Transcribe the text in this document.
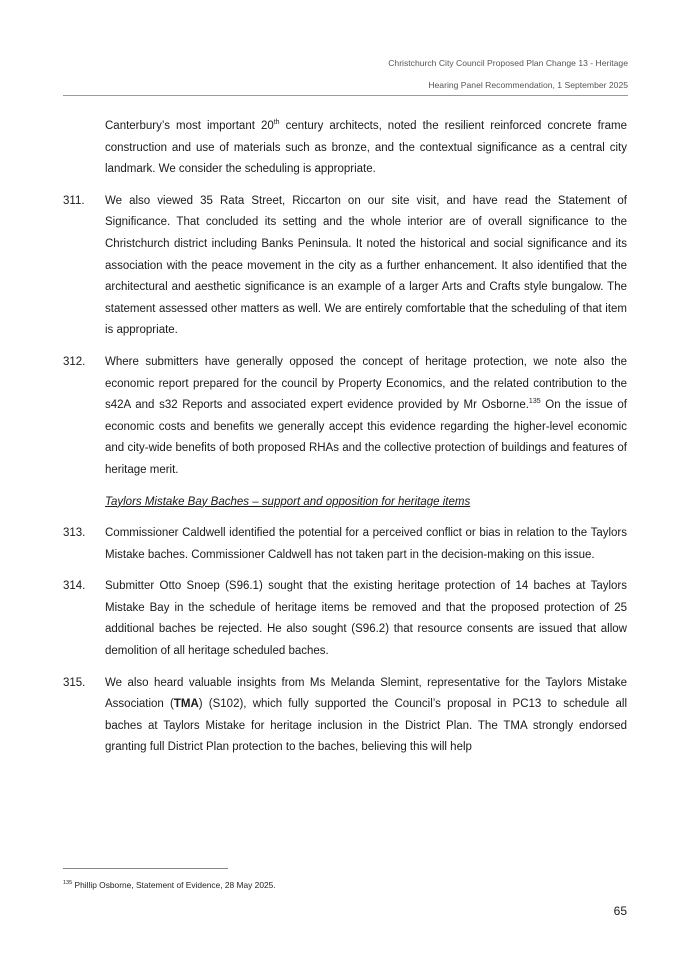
Christchurch City Council Proposed Plan Change 13 - Heritage
Hearing Panel Recommendation, 1 September 2025
Canterbury’s most important 20th century architects, noted the resilient reinforced concrete frame construction and use of materials such as bronze, and the contextual significance as a central city landmark. We consider the scheduling is appropriate.
311.	We also viewed 35 Rata Street, Riccarton on our site visit, and have read the Statement of Significance. That concluded its setting and the whole interior are of overall significance to the Christchurch district including Banks Peninsula. It noted the historical and social significance and its association with the peace movement in the city as a further enhancement. It also identified that the architectural and aesthetic significance is an example of a larger Arts and Crafts style bungalow. The statement assessed other matters as well. We are entirely comfortable that the scheduling of that item is appropriate.
312.	Where submitters have generally opposed the concept of heritage protection, we note also the economic report prepared for the council by Property Economics, and the related contribution to the s42A and s32 Reports and associated expert evidence provided by Mr Osborne.$^{135}$ On the issue of economic costs and benefits we generally accept this evidence regarding the higher-level economic and city-wide benefits of both proposed RHAs and the collective protection of buildings and features of heritage merit.
Taylors Mistake Bay Baches – support and opposition for heritage items
313.	Commissioner Caldwell identified the potential for a perceived conflict or bias in relation to the Taylors Mistake baches. Commissioner Caldwell has not taken part in the decision-making on this issue.
314.	Submitter Otto Snoep (S96.1) sought that the existing heritage protection of 14 baches at Taylors Mistake Bay in the schedule of heritage items be removed and that the proposed protection of 25 additional baches be rejected. He also sought (S96.2) that resource consents are issued that allow demolition of all heritage scheduled baches.
315.	We also heard valuable insights from Ms Melanda Slemint, representative for the Taylors Mistake Association (TMA) (S102), which fully supported the Council’s proposal in PC13 to schedule all baches at Taylors Mistake for heritage inclusion in the District Plan. The TMA strongly endorsed granting full District Plan protection to the baches, believing this will help
$^{135}$ Phillip Osborne, Statement of Evidence, 28 May 2025.
65
